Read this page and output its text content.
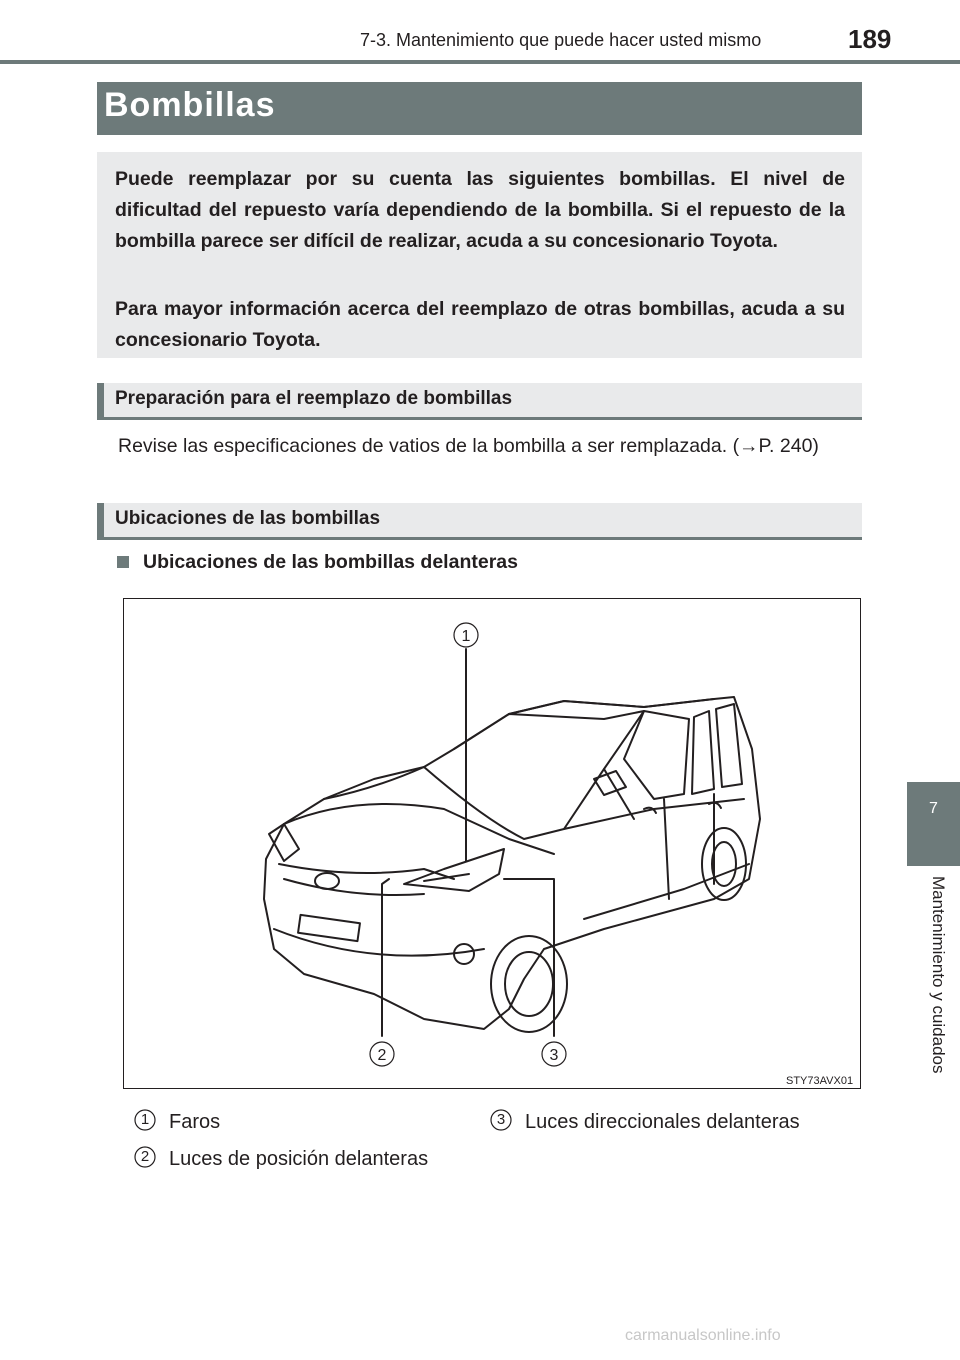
7-3. Mantenimiento que puede hacer usted mismo	189
7
Mantenimiento y cuidados
Bombillas

Puede reemplazar por su cuenta las siguientes bombillas. El nivel de dificultad del repuesto varía dependiendo de la bombilla. Si el repuesto de la bombilla parece ser difícil de realizar, acuda a su concesionario Toyota.

Para mayor información acerca del reemplazo de otras bombillas, acuda a su concesionario Toyota.

Preparación para el reemplazo de bombillas
Revise las especificaciones de vatios de la bombilla a ser remplazada. (→P. 240)
Ubicaciones de las bombillas
Ubicaciones de las bombillas delanteras
1
2	3
STY73AVX01
1 Faros
2 Luces de posición delanteras
3 Luces direccionales delanteras
carmanualsonline.info
